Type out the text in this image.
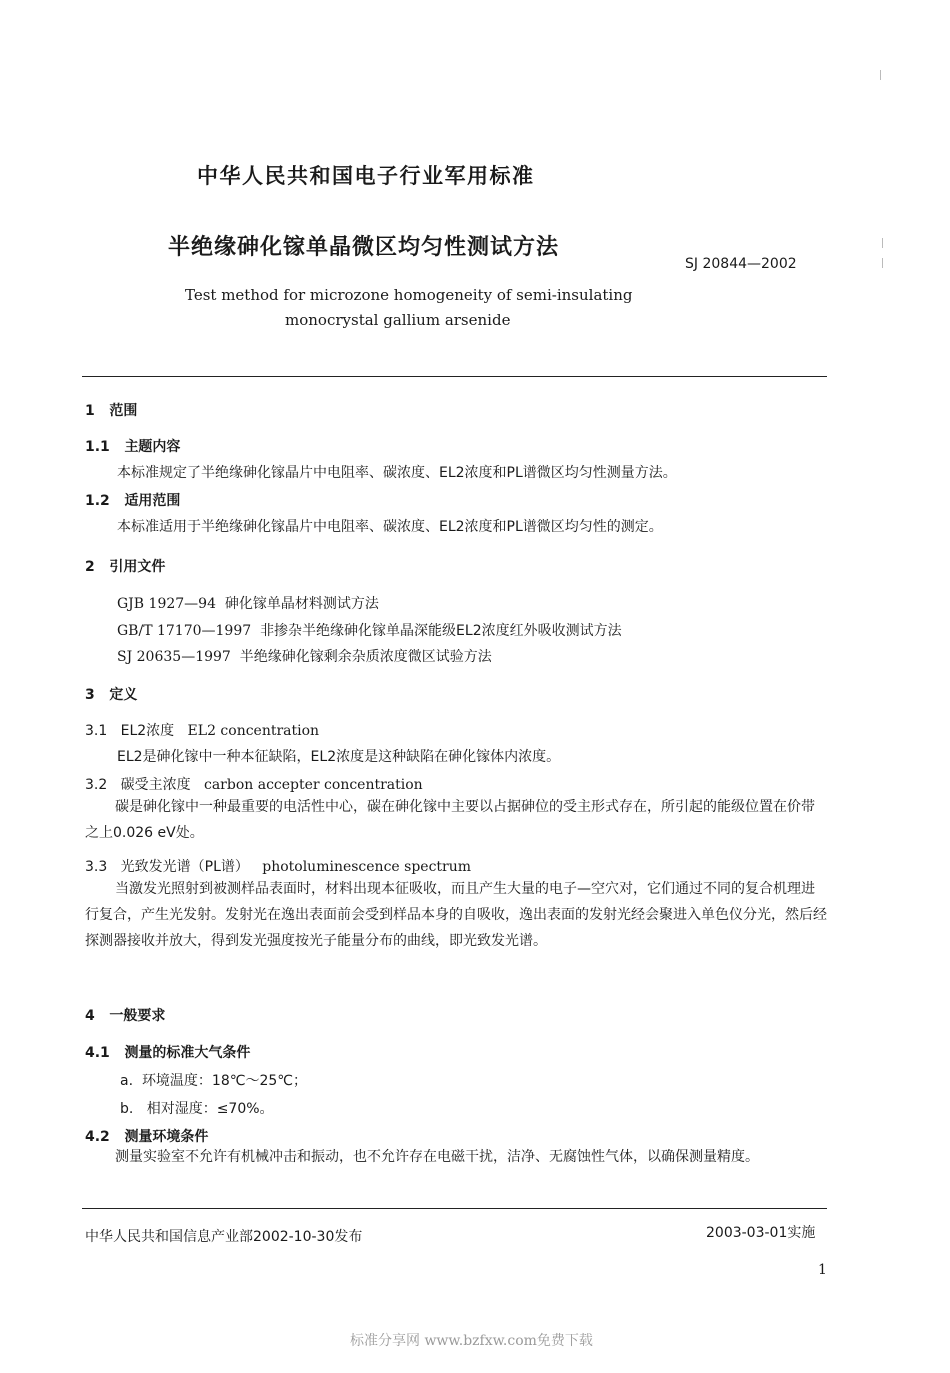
中华人民共和国电子行业军用标准
半绝缘砷化镓单晶微区均匀性测试方法
SJ 20844—2002
Test method for microzone homogeneity of semi-insulating
monocrystal gallium arsenide
1 范围
1.1 主题内容
本标准规定了半绝缘砷化镓晶片中电阻率、碳浓度、EL2浓度和PL谱微区均匀性测量方法。
1.2 适用范围
本标准适用于半绝缘砷化镓晶片中电阻率、碳浓度、EL2浓度和PL谱微区均匀性的测定。
2 引用文件
GJB 1927—94 砷化镓单晶材料测试方法
GB/T 17170—1997 非掺杂半绝缘砷化镓单晶深能级EL2浓度红外吸收测试方法
SJ 20635—1997 半绝缘砷化镓剩余杂质浓度微区试验方法
3 定义
3.1 EL2浓度 EL2 concentration
EL2是砷化镓中一种本征缺陷，EL2浓度是这种缺陷在砷化镓体内浓度。
3.2 碳受主浓度 carbon accepter concentration
碳是砷化镓中一种最重要的电活性中心，碳在砷化镓中主要以占据砷位的受主形式存在，所引起的能级位置在价带之上0.026 eV处。
3.3 光致发光谱（PL谱） photoluminescence spectrum
当激发光照射到被测样品表面时，材料出现本征吸收，而且产生大量的电子—空穴对，它们通过不同的复合机理进行复合，产生光发射。发射光在逸出表面前会受到样品本身的自吸收，逸出表面的发射光经会聚进入单色仪分光，然后经探测器接收并放大，得到发光强度按光子能量分布的曲线，即光致发光谱。
4 一般要求
4.1 测量的标准大气条件
a. 环境温度：18℃～25℃；
b. 相对湿度：≤70%。
4.2 测量环境条件
测量实验室不允许有机械冲击和振动，也不允许存在电磁干扰，洁净、无腐蚀性气体，以确保测量精度。
中华人民共和国信息产业部2002-10-30发布	2003-03-01实施
1
标准分享网 www.bzfxw.com免费下载
